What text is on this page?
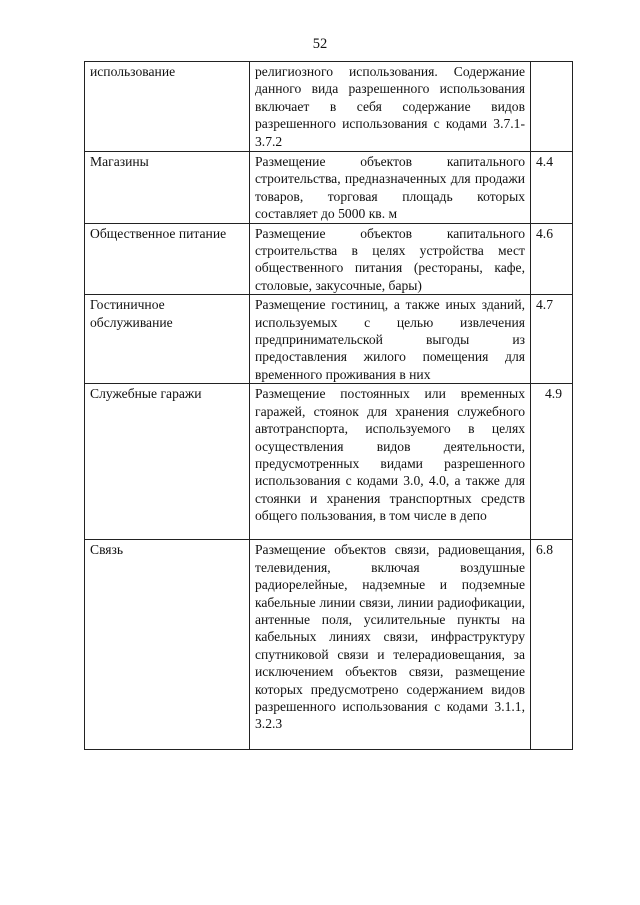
52
использование	религиозного использования. Содержание данного вида разрешенного использования включает в себя содержание видов разрешенного использования с кодами 3.7.1-3.7.2	
Магазины	Размещение объектов капитального строительства, предназначенных для продажи товаров, торговая площадь которых составляет до 5000 кв. м	4.4
Общественное питание	Размещение объектов капитального строительства в целях устройства мест общественного питания (рестораны, кафе, столовые, закусочные, бары)	4.6
Гостиничное обслуживание	Размещение гостиниц, а также иных зданий, используемых с целью извлечения предпринимательской выгоды из предоставления жилого помещения для временного проживания в них	4.7
Служебные гаражи	Размещение постоянных или временных гаражей, стоянок для хранения служебного автотранспорта, используемого в целях осуществления видов деятельности, предусмотренных видами разрешенного использования с кодами 3.0, 4.0, а также для стоянки и хранения транспортных средств общего пользования, в том числе в депо	4.9
Связь	Размещение объектов связи, радиовещания, телевидения, включая воздушные радиорелейные, надземные и подземные кабельные линии связи, линии радиофикации, антенные поля, усилительные пункты на кабельных линиях связи, инфраструктуру спутниковой связи и телерадиовещания, за исключением объектов связи, размещение которых предусмотрено содержанием видов разрешенного использования с кодами 3.1.1, 3.2.3	6.8
